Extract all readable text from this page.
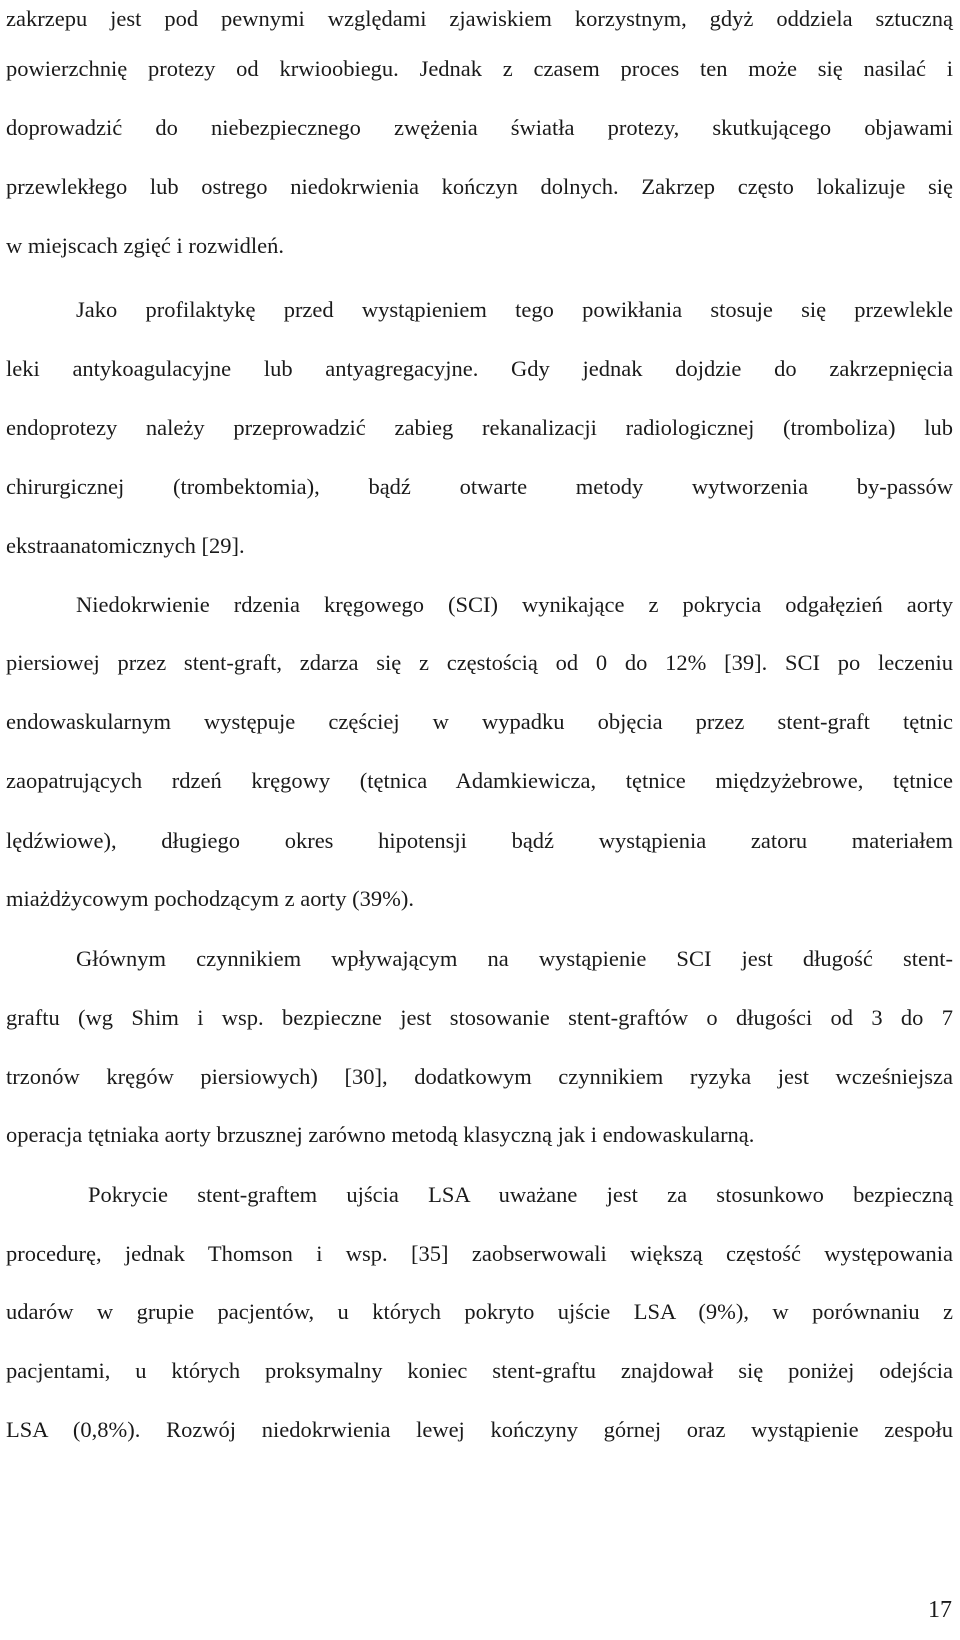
zakrzepu jest pod pewnymi względami zjawiskiem korzystnym, gdyż oddziela sztuczną
powierzchnię protezy od krwioobiegu. Jednak z czasem proces ten może się nasilać i
doprowadzić do niebezpiecznego zwężenia światła protezy, skutkującego objawami
przewlekłego lub ostrego niedokrwienia kończyn dolnych. Zakrzep często lokalizuje się
w miejscach zgięć i rozwidleń.
Jako profilaktykę przed wystąpieniem tego powikłania stosuje się przewlekle
leki antykoagulacyjne lub antyagregacyjne. Gdy jednak dojdzie do zakrzepnięcia
endoprotezy należy przeprowadzić zabieg rekanalizacji radiologicznej (tromboliza) lub
chirurgicznej (trombektomia), bądź otwarte metody wytworzenia by-passów
ekstraanatomicznych [29].
Niedokrwienie rdzenia kręgowego (SCI) wynikające z pokrycia odgałęzień aorty
piersiowej przez stent-graft, zdarza się z częstością od 0 do 12% [39]. SCI po leczeniu
endowaskularnym występuje częściej w wypadku objęcia przez stent-graft tętnic
zaopatrujących rdzeń kręgowy (tętnica Adamkiewicza, tętnice międzyżebrowe, tętnice
lędźwiowe), długiego okres hipotensji bądź wystąpienia zatoru materiałem
miażdżycowym pochodzącym z aorty (39%).
Głównym czynnikiem wpływającym na wystąpienie SCI jest długość stent-
graftu (wg Shim i wsp. bezpieczne jest stosowanie stent-graftów o długości od 3 do 7
trzonów kręgów piersiowych) [30], dodatkowym czynnikiem ryzyka jest wcześniejsza
operacja tętniaka aorty brzusznej zarówno metodą klasyczną jak i endowaskularną.
Pokrycie stent-graftem ujścia LSA uważane jest za stosunkowo bezpieczną
procedurę, jednak Thomson i wsp. [35] zaobserwowali większą częstość występowania
udarów w grupie pacjentów, u których pokryto ujście LSA (9%), w porównaniu z
pacjentami, u których proksymalny koniec stent-graftu znajdował się poniżej odejścia
LSA (0,8%). Rozwój niedokrwienia lewej kończyny górnej oraz wystąpienie zespołu
17
